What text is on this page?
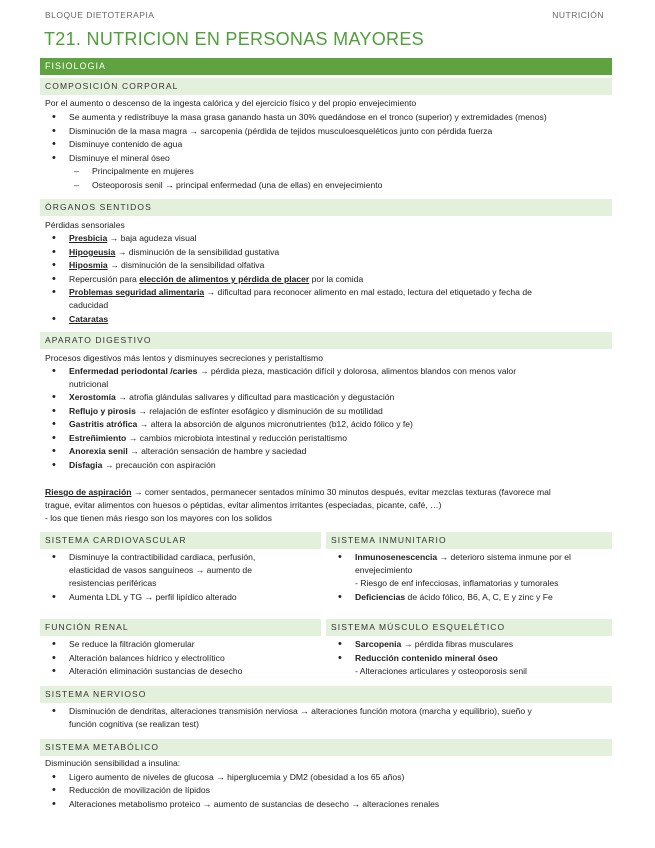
BLOQUE DIETOTERAPIA	NUTRICIÓN
T21. NUTRICION EN PERSONAS MAYORES
FISIOLOGIA
COMPOSICIÓN CORPORAL
Por el aumento o descenso de la ingesta calórica y del ejercicio físico y del propio envejecimiento
• Se aumenta y redistribuye la masa grasa ganando hasta un 30% quedándose en el tronco (superior) y extremidades (menos)
• Disminución de la masa magra → sarcopenia (pérdida de tejidos musculoesqueléticos junto con pérdida fuerza
• Disminuye contenido de agua
• Disminuye el mineral óseo
– Principalmente en mujeres
– Osteoporosis senil → principal enfermedad (una de ellas) en envejecimiento
ÓRGANOS SENTIDOS
Pérdidas sensoriales
• Presbicia → baja agudeza visual
• Hipogeusia → disminución de la sensibilidad gustativa
• Hiposmia → disminución de la sensibilidad olfativa
• Repercusión para elección de alimentos y pérdida de placer por la comida
• Problemas seguridad alimentaria → dificultad para reconocer alimento en mal estado, lectura del etiquetado y fecha de
caducidad
• Cataratas
APARATO DIGESTIVO
Procesos digestivos más lentos y disminuyes secreciones y peristaltismo
• Enfermedad periodontal /caries → pérdida pieza, masticación difícil y dolorosa, alimentos blandos con menos valor
nutricional
• Xerostomía → atrofia glándulas salivares y dificultad para masticación y degustación
• Reflujo y pirosis → relajación de esfínter esofágico y disminución de su motilidad
• Gastritis atrófica → altera la absorción de algunos micronutrientes (b12, ácido fólico y fe)
• Estreñimiento → cambios microbiota intestinal y reducción peristaltismo
• Anorexia senil → alteración sensación de hambre y saciedad
• Disfagia → precaución con aspiración
Riesgo de aspiración → comer sentados, permanecer sentados mínimo 30 minutos después, evitar mezclas texturas (favorece mal
trague, evitar alimentos con huesos o péptidas, evitar alimentos irritantes (especiadas, picante, café, …)
- los que tienen más riesgo son los mayores con los solidos
SISTEMA CARDIOVASCULAR	SISTEMA INMUNITARIO
• Disminuye la contractibilidad cardiaca, perfusión,
elasticidad de vasos sanguíneos → aumento de
resistencias periféricas
• Aumenta LDL y TG → perfil lipídico alterado
• Inmunosenescencia → deterioro sistema inmune por el
envejecimiento
- Riesgo de enf infecciosas, inflamatorias y tumorales
• Deficiencias de ácido fólico, B6, A, C, E y zinc y Fe
FUNCIÓN RENAL	SISTEMA MÚSCULO ESQUELÉTICO
• Se reduce la filtración glomerular
• Alteración balances hídrico y electrolítico
• Alteración eliminación sustancias de desecho
• Sarcopenia → pérdida fibras musculares
• Reducción contenido mineral óseo
- Alteraciones articulares y osteoporosis senil
SISTEMA NERVIOSO
• Disminución de dendritas, alteraciones transmisión nerviosa → alteraciones función motora (marcha y equilibrio), sueño y
función cognitiva (se realizan test)
SISTEMA METABÓLICO
Disminución sensibilidad a insulina:
• Ligero aumento de niveles de glucosa → hiperglucemia y DM2 (obesidad a los 65 años)
• Reducción de movilización de lípidos
• Alteraciones metabolismo proteico → aumento de sustancias de desecho → alteraciones renales
